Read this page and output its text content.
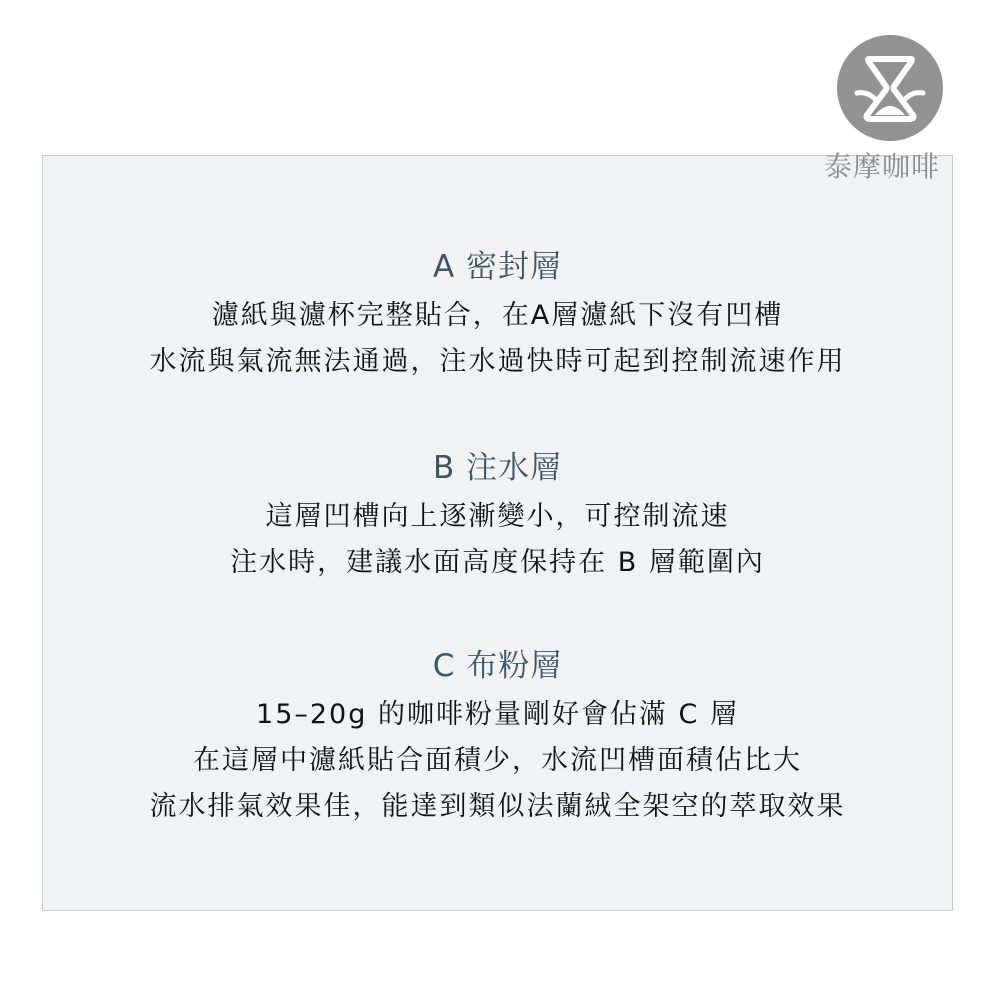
泰摩咖啡
A 密封層
濾紙與濾杯完整貼合，在A層濾紙下沒有凹槽
水流與氣流無法通過，注水過快時可起到控制流速作用
B 注水層
這層凹槽向上逐漸變小，可控制流速
注水時，建議水面高度保持在 B 層範圍內
C 布粉層
15–20g 的咖啡粉量剛好會佔滿 C 層
在這層中濾紙貼合面積少，水流凹槽面積佔比大
流水排氣效果佳，能達到類似法蘭絨全架空的萃取效果
